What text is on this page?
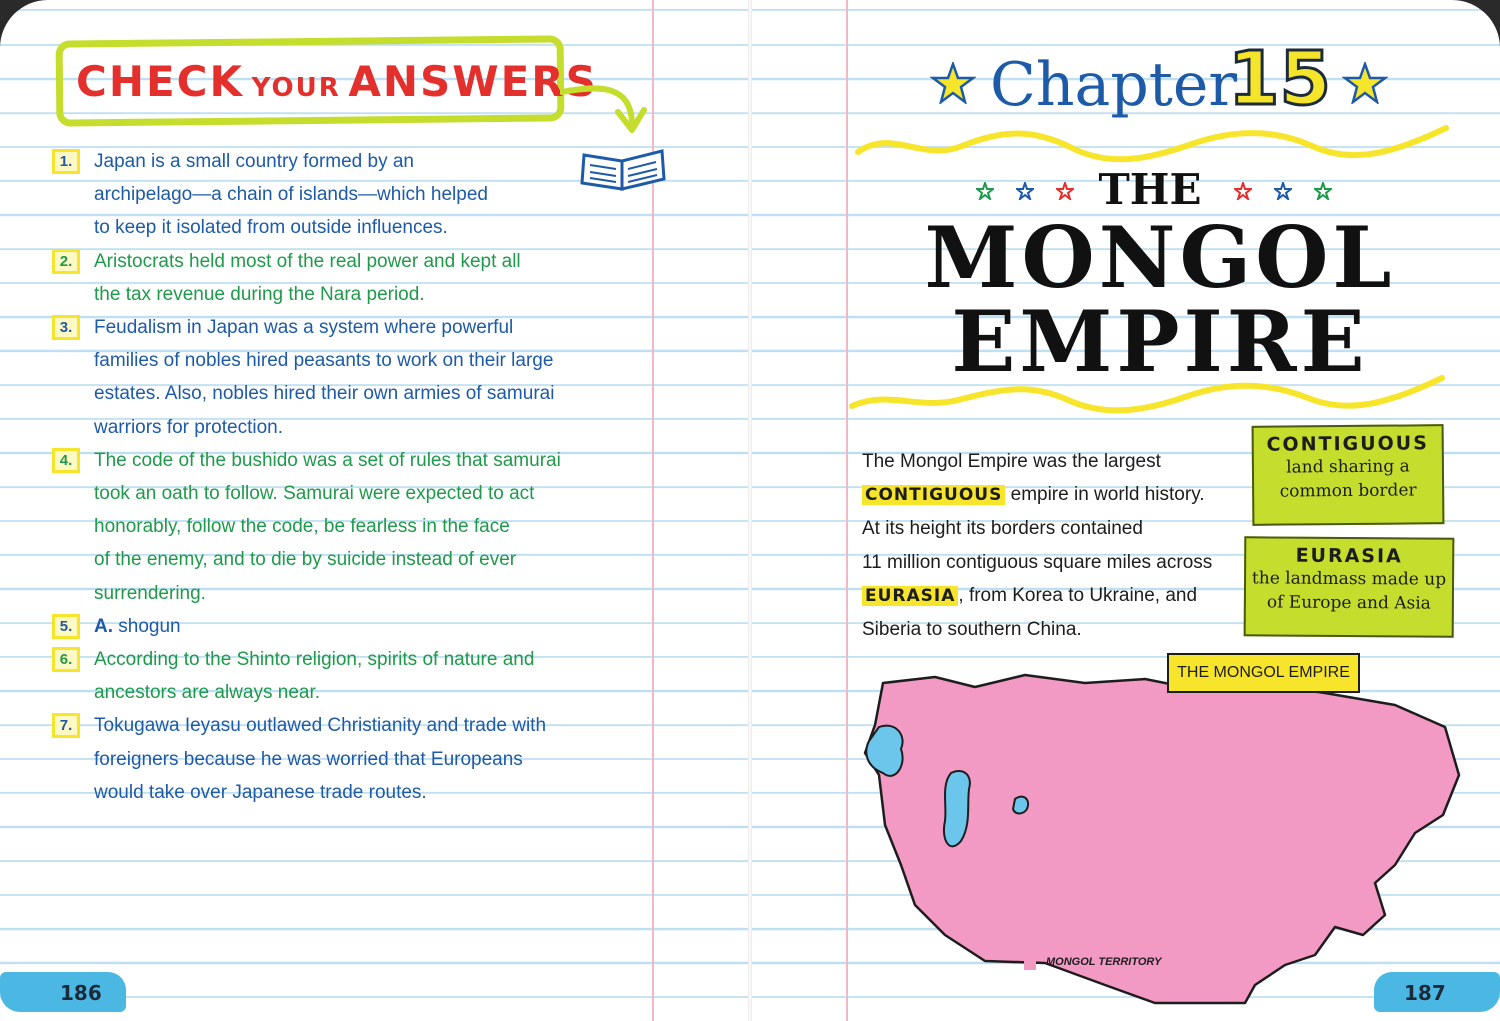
CHECK YOUR ANSWERS
1.	Japan is a small country formed by an
archipelago—a chain of islands—which helped
to keep it isolated from outside influences.
2.	Aristocrats held most of the real power and kept all
the tax revenue during the Nara period.
3.	Feudalism in Japan was a system where powerful
families of nobles hired peasants to work on their large
estates. Also, nobles hired their own armies of samurai
warriors for protection.
4.	The code of the bushido was a set of rules that samurai
took an oath to follow. Samurai were expected to act
honorably, follow the code, be fearless in the face
of the enemy, and to die by suicide instead of ever
surrendering.
5.	A. shogun
6.	According to the Shinto religion, spirits of nature and
ancestors are always near.
7.	Tokugawa Ieyasu outlawed Christianity and trade with
foreigners because he was worried that Europeans
would take over Japanese trade routes.
186
Chapter
15
THE
MONGOL
EMPIRE
The Mongol Empire was the largest
CONTIGUOUS empire in world history.
At its height its borders contained
11 million contiguous square miles across
EURASIA , from Korea to Ukraine, and
Siberia to southern China.
CONTIGUOUS
land sharing a
common border
EURASIA
the landmass made up
of Europe and Asia
THE MONGOL EMPIRE
MONGOL TERRITORY
187
